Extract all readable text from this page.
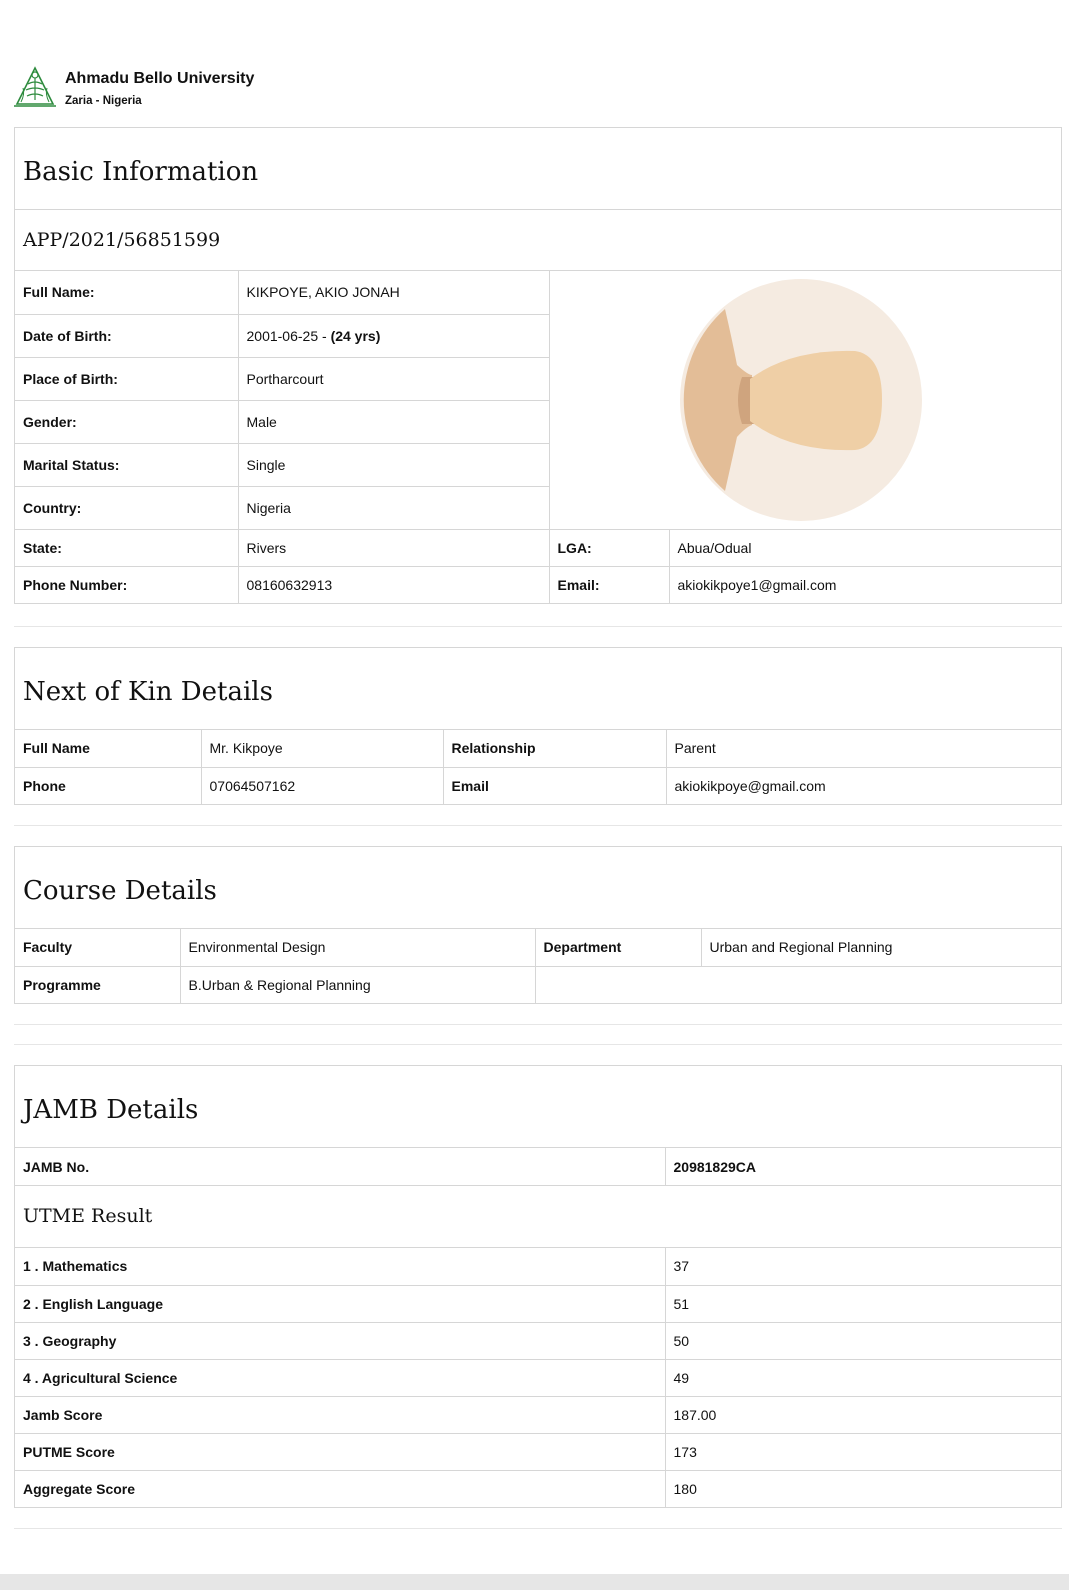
Ahmadu Bello University
Zaria - Nigeria
Basic Information
APP/2021/56851599
Full Name:	KIKPOYE, AKIO JONAH	

Date of Birth:	2001-06-25 - (24 yrs)		
Place of Birth:	Portharcourt		
Gender:	Male		
Marital Status:	Single		
Country:	Nigeria		
State:	Rivers	LGA:	Abua/Odual
Phone Number:	08160632913	Email:	akiokikpoye1@gmail.com
Next of Kin Details
Full Name	Mr. Kikpoye	Relationship	Parent
Phone	07064507162	Email	akiokikpoye@gmail.com
Course Details
Faculty	Environmental Design	Department	Urban and Regional Planning
Programme	B.Urban & Regional Planning		
JAMB Details
JAMB No.	20981829CA
UTME Result
1 . Mathematics	37
2 . English Language	51
3 . Geography	50
4 . Agricultural Science	49
Jamb Score	187.00
PUTME Score	173
Aggregate Score	180
